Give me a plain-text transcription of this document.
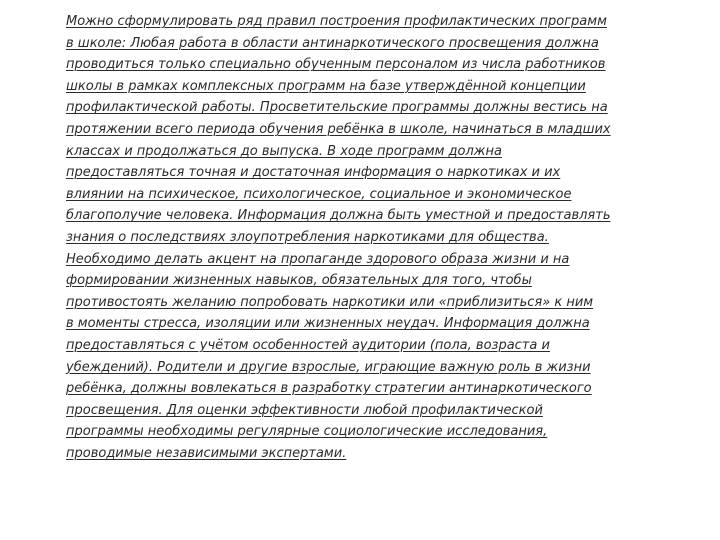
Можно сформулировать ряд правил построения профилактических программ
в школе: Любая работа в области антинаркотического просвещения должна
проводиться только специально обученным персоналом из числа работников
школы в рамках комплексных программ на базе утверждённой концепции
профилактической работы. Просветительские программы должны вестись на
протяжении всего периода обучения ребёнка в школе, начинаться в младших
классах и продолжаться до выпуска. В ходе программ должна
предоставляться точная и достаточная информация о наркотиках и их
влиянии на психическое, психологическое, социальное и экономическое
благополучие человека. Информация должна быть уместной и предоставлять
знания о последствиях злоупотребления наркотиками для общества.
Необходимо делать акцент на пропаганде здорового образа жизни и на
формировании жизненных навыков, обязательных для того, чтобы
противостоять желанию попробовать наркотики или «приблизиться» к ним
в моменты стресса, изоляции или жизненных неудач. Информация должна
предоставляться с учётом особенностей аудитории (пола, возраста и
убеждений). Родители и другие взрослые, играющие важную роль в жизни
ребёнка, должны вовлекаться в разработку стратегии антинаркотического
просвещения. Для оценки эффективности любой профилактической
программы необходимы регулярные социологические исследования,
проводимые независимыми экспертами.
